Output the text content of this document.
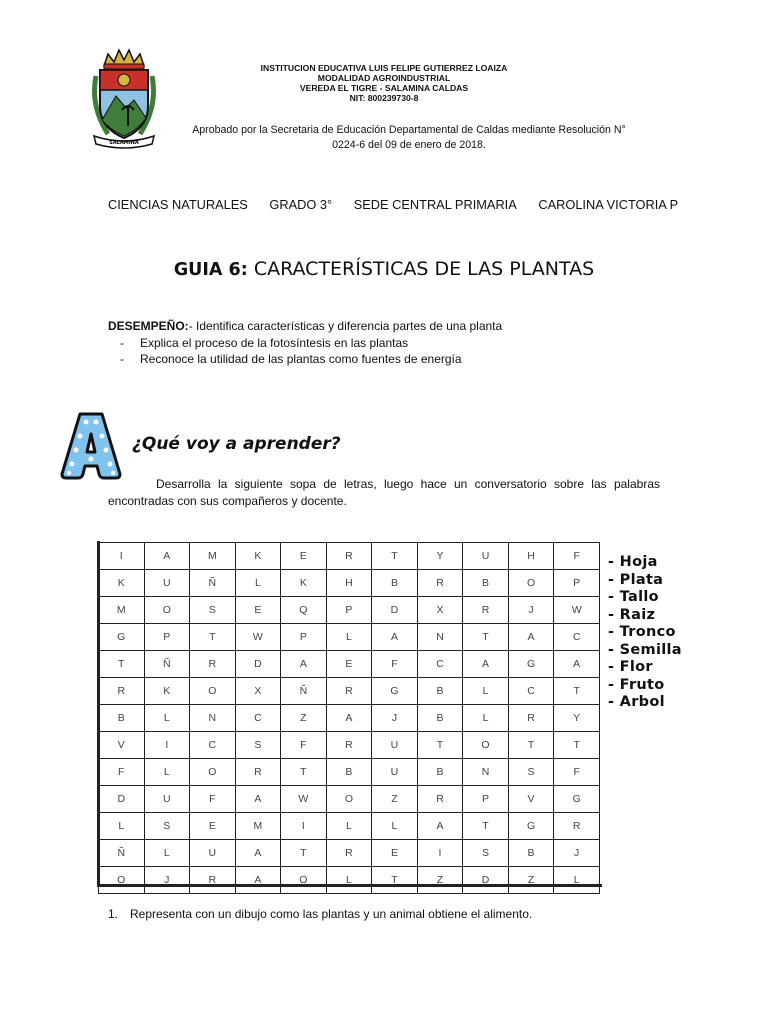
SALAMINA
INSTITUCION EDUCATIVA LUIS FELIPE GUTIERREZ LOAIZA
MODALIDAD AGROINDUSTRIAL
VEREDA EL TIGRE - SALAMINA CALDAS
NIT: 800239730-8
Aprobado por la Secretaria de Educación Departamental de Caldas mediante Resolución N°
0224-6 del 09 de enero de 2018.
CIENCIAS NATURALES GRADO 3° SEDE CENTRAL PRIMARIA CAROLINA VICTORIA P
GUIA 6: CARACTERÍSTICAS DE LAS PLANTAS
DESEMPEÑO:- Identifica características y diferencia partes de una planta
- Explica el proceso de la fotosíntesis en las plantas
- Reconoce la utilidad de las plantas como fuentes de energía
¿Qué voy a aprender?
Desarrolla la siguiente sopa de letras, luego hace un conversatorio sobre las palabras encontradas con sus compañeros y docente.
I	A	M	K	E	R	T	Y	U	H	F
K	U	Ñ	L	K	H	B	R	B	O	P
M	O	S	E	Q	P	D	X	R	J	W
G	P	T	W	P	L	A	N	T	A	C
T	Ñ	R	D	A	E	F	C	A	G	A
R	K	O	X	Ñ	R	G	B	L	C	T
B	L	N	C	Z	A	J	B	L	R	Y
V	I	C	S	F	R	U	T	O	T	T
F	L	O	R	T	B	U	B	N	S	F
D	U	F	A	W	O	Z	R	P	V	G
L	S	E	M	I	L	L	A	T	G	R
Ñ	L	U	A	T	R	E	I	S	B	J
O	J	R	A	O	L	T	Z	D	Z	L
- Hoja
- Plata
- Tallo
- Raiz
- Tronco
- Semilla
- Flor
- Fruto
- Arbol
1. Representa con un dibujo como las plantas y un animal obtiene el alimento.
